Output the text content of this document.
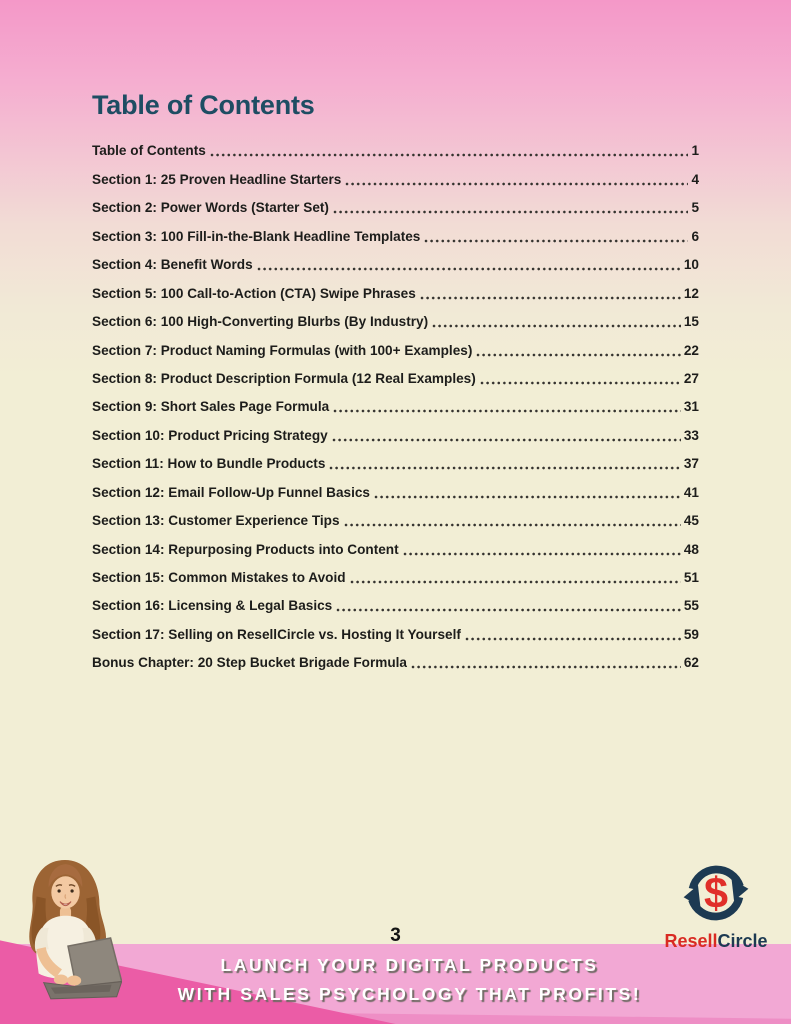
Table of Contents
Table of Contents	1
Section 1: 25 Proven Headline Starters	4
Section 2: Power Words (Starter Set)	5
Section 3: 100 Fill-in-the-Blank Headline Templates	6
Section 4: Benefit Words	10
Section 5: 100 Call-to-Action (CTA) Swipe Phrases	12
Section 6: 100 High-Converting Blurbs (By Industry)	15
Section 7: Product Naming Formulas (with 100+ Examples)	22
Section 8: Product Description Formula (12 Real Examples)	27
Section 9: Short Sales Page Formula	31
Section 10: Product Pricing Strategy	33
Section 11: How to Bundle Products	37
Section 12: Email Follow-Up Funnel Basics	41
Section 13: Customer Experience Tips	45
Section 14: Repurposing Products into Content	48
Section 15: Common Mistakes to Avoid	51
Section 16: Licensing & Legal Basics	55
Section 17: Selling on ResellCircle vs. Hosting It Yourself	59
Bonus Chapter: 20 Step Bucket Brigade Formula	62
3
LAUNCH YOUR DIGITAL PRODUCTS
WITH SALES PSYCHOLOGY THAT PROFITS!
$
ResellCircle
